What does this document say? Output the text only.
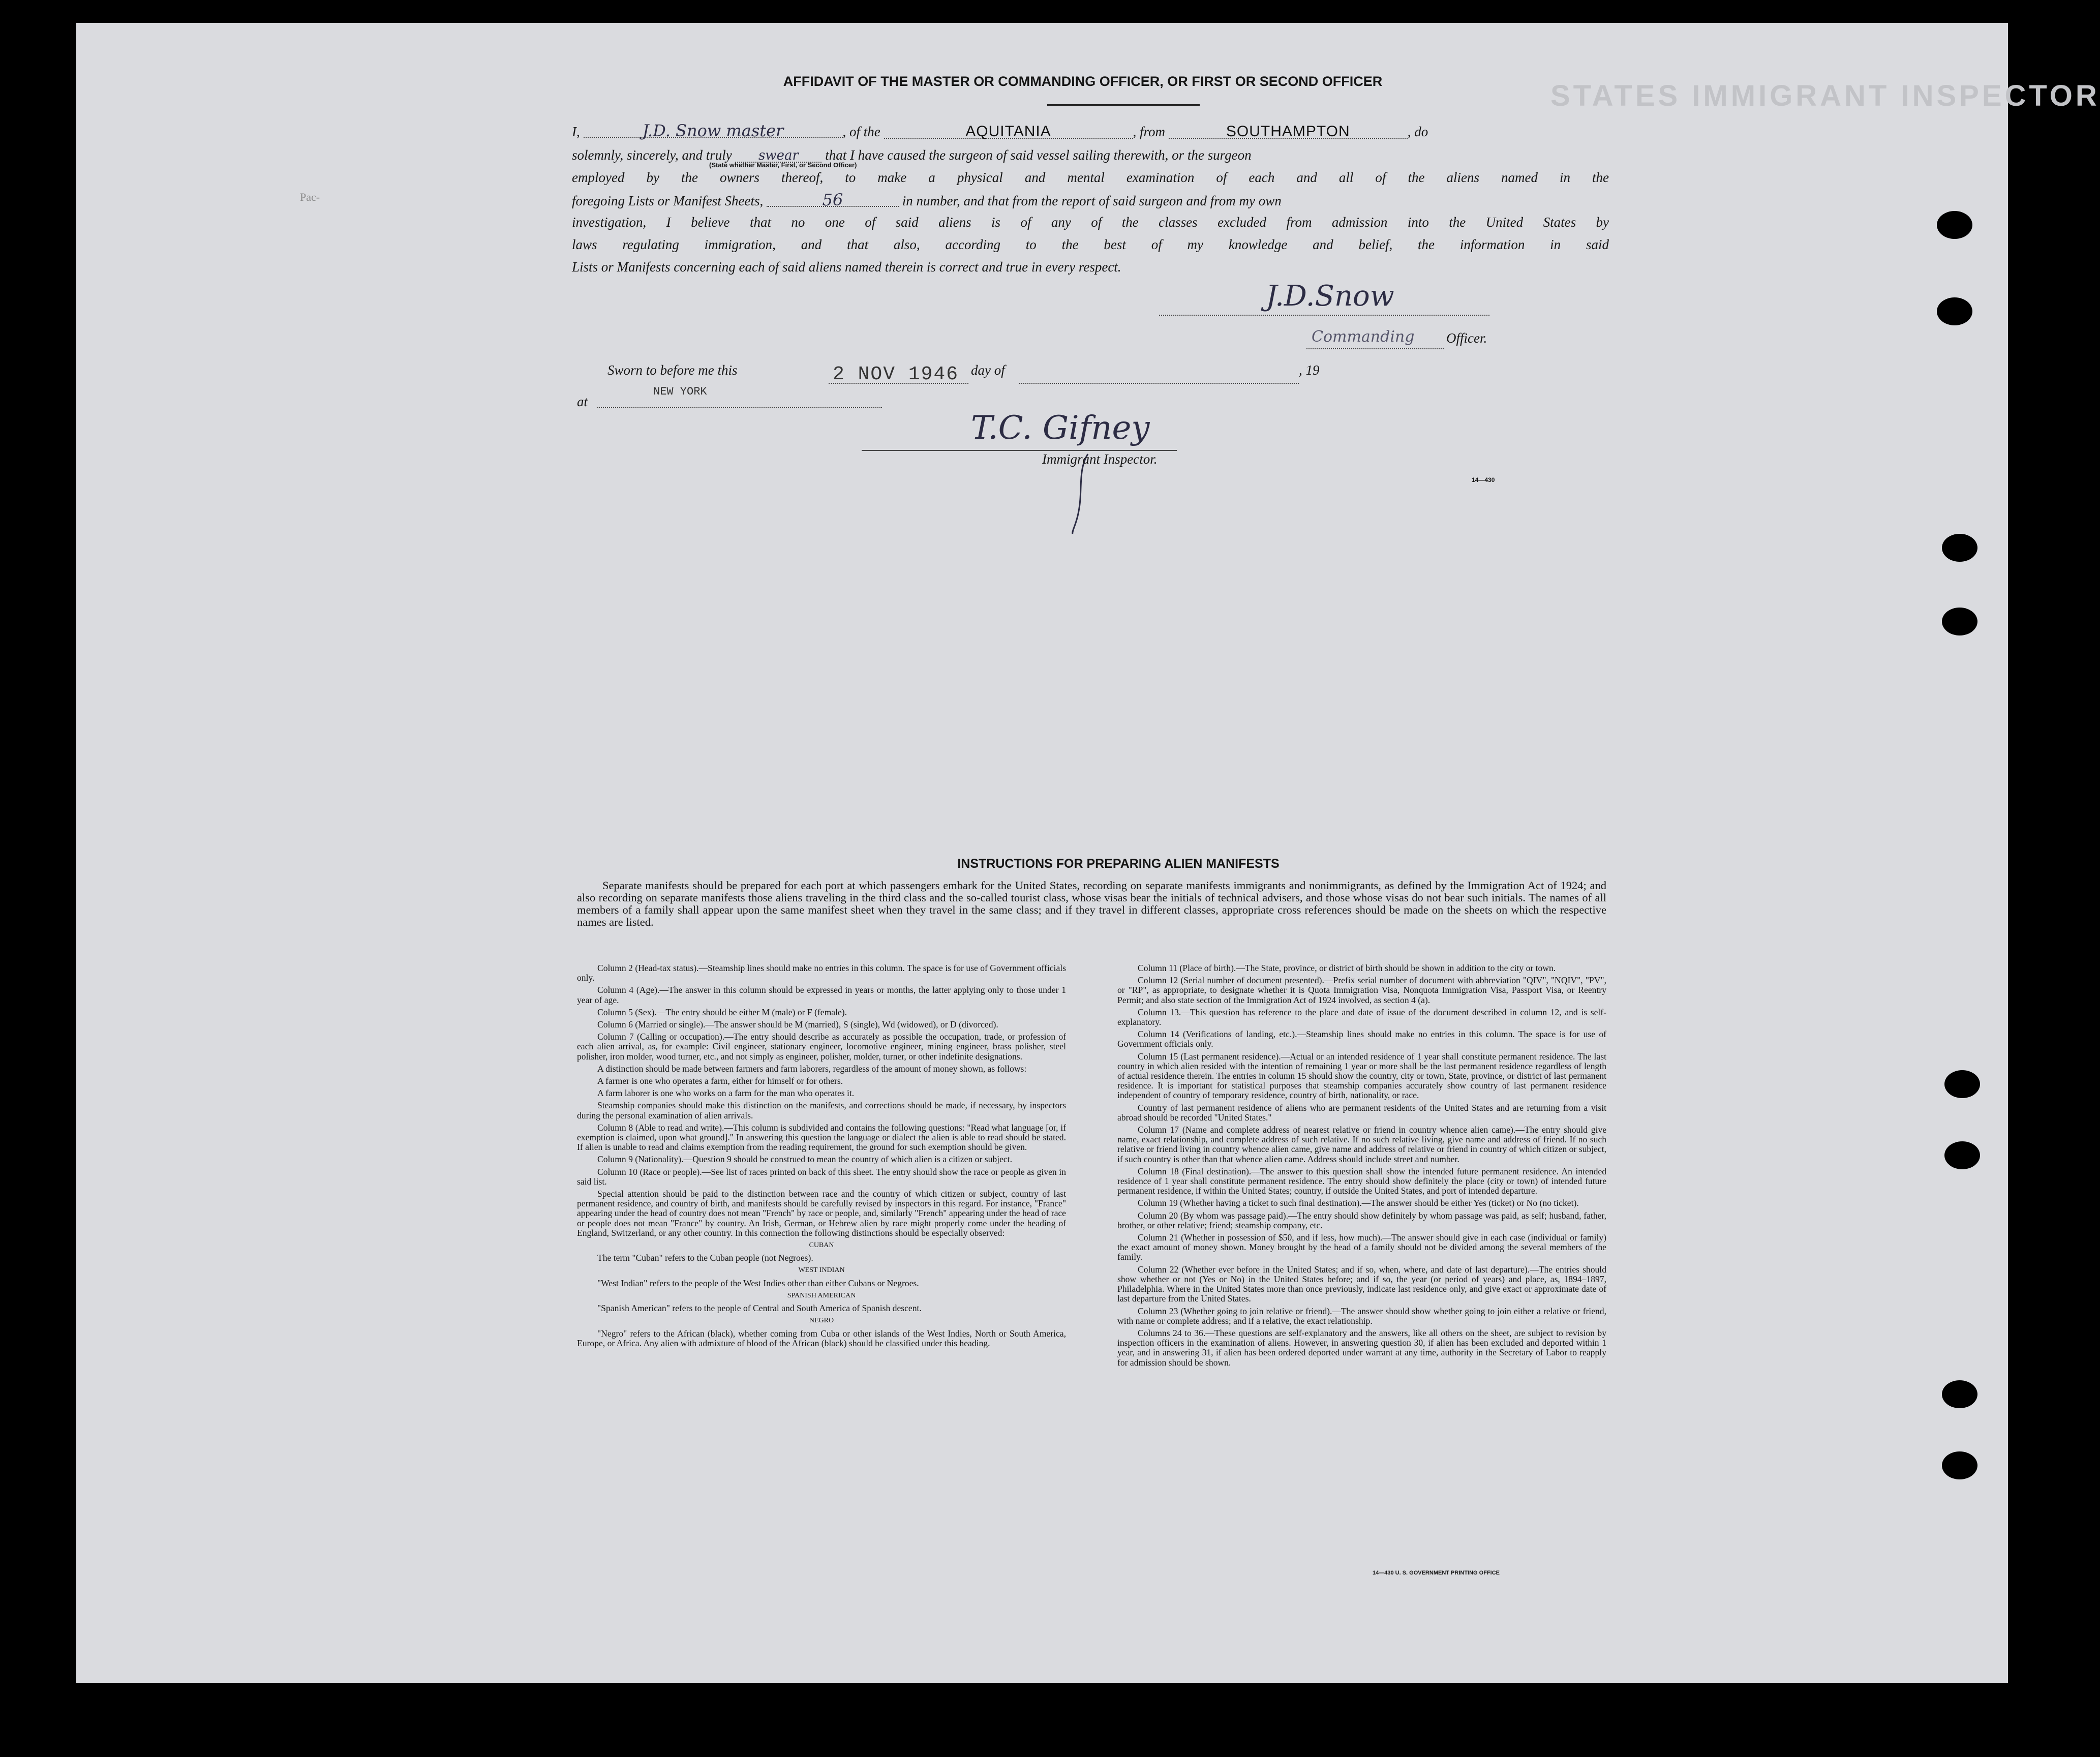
STATES IMMIGRANT INSPECTOR
Pac-
AFFIDAVIT OF THE MASTER OR COMMANDING OFFICER, OR FIRST OR SECOND OFFICER
I,	J.D. Snow master	, of the	AQUITANIA	, from	SOUTHAMPTON	, do
(State whether Master, First, or Second Officer)
solemnly, sincerely, and truly swear that I have caused the surgeon of said vessel sailing therewith, or the surgeon
employed by the owners thereof, to make a physical and mental examination of each and all of the aliens named in the
foregoing Lists or Manifest Sheets,	56	in number, and that from the report of said surgeon and from my own
investigation, I believe that no one of said aliens is of any of the classes excluded from admission into the United States by
laws regulating immigration, and that also, according to the best of my knowledge and belief, the information in said
Lists or Manifests concerning each of said aliens named therein is correct and true in every respect.
J.D.Snow
Commanding Officer.
Sworn to before me this	2 NOV 1946 day of	, 19
at
NEW YORK
T.C. Gifney
Immigrant Inspector.
14—430
INSTRUCTIONS FOR PREPARING ALIEN MANIFESTS
Separate manifests should be prepared for each port at which passengers embark for the United States, recording on separate manifests immigrants and nonimmigrants, as defined by the Immigration Act of 1924; and also recording on separate manifests those aliens traveling in the third class and the so-called tourist class, whose visas bear the initials of technical advisers, and those whose visas do not bear such initials. The names of all members of a family shall appear upon the same manifest sheet when they travel in the same class; and if they travel in different classes, appropriate cross references should be made on the sheets on which the respective names are listed.

Column 2 (Head-tax status).—Steamship lines should make no entries in this column. The space is for use of Government officials only.

Column 4 (Age).—The answer in this column should be expressed in years or months, the latter applying only to those under 1 year of age.

Column 5 (Sex).—The entry should be either M (male) or F (female).

Column 6 (Married or single).—The answer should be M (married), S (single), Wd (widowed), or D (divorced).

Column 7 (Calling or occupation).—The entry should describe as accurately as possible the occupation, trade, or profession of each alien arrival, as, for example: Civil engineer, stationary engineer, locomotive engineer, mining engineer, brass polisher, steel polisher, iron molder, wood turner, etc., and not simply as engineer, polisher, molder, turner, or other indefinite designations.

A distinction should be made between farmers and farm laborers, regardless of the amount of money shown, as follows:

A farmer is one who operates a farm, either for himself or for others.

A farm laborer is one who works on a farm for the man who operates it.

Steamship companies should make this distinction on the manifests, and corrections should be made, if necessary, by inspectors during the personal examination of alien arrivals.

Column 8 (Able to read and write).—This column is subdivided and contains the following questions: "Read what language [or, if exemption is claimed, upon what ground]." In answering this question the language or dialect the alien is able to read should be stated. If alien is unable to read and claims exemption from the reading requirement, the ground for such exemption should be given.

Column 9 (Nationality).—Question 9 should be construed to mean the country of which alien is a citizen or subject.

Column 10 (Race or people).—See list of races printed on back of this sheet. The entry should show the race or people as given in said list.

Special attention should be paid to the distinction between race and the country of which citizen or subject, country of last permanent residence, and country of birth, and manifests should be carefully revised by inspectors in this regard. For instance, "France" appearing under the head of country does not mean "French" by race or people, and, similarly "French" appearing under the head of race or people does not mean "France" by country. An Irish, German, or Hebrew alien by race might properly come under the heading of England, Switzerland, or any other country. In this connection the following distinctions should be especially observed:

CUBAN

The term "Cuban" refers to the Cuban people (not Negroes).

WEST INDIAN

"West Indian" refers to the people of the West Indies other than either Cubans or Negroes.

SPANISH AMERICAN

"Spanish American" refers to the people of Central and South America of Spanish descent.

NEGRO

"Negro" refers to the African (black), whether coming from Cuba or other islands of the West Indies, North or South America, Europe, or Africa. Any alien with admixture of blood of the African (black) should be classified under this heading.

Column 11 (Place of birth).—The State, province, or district of birth should be shown in addition to the city or town.

Column 12 (Serial number of document presented).—Prefix serial number of document with abbreviation "QIV", "NQIV", "PV", or "RP", as appropriate, to designate whether it is Quota Immigration Visa, Nonquota Immigration Visa, Passport Visa, or Reentry Permit; and also state section of the Immigration Act of 1924 involved, as section 4 (a).

Column 13.—This question has reference to the place and date of issue of the document described in column 12, and is self-explanatory.

Column 14 (Verifications of landing, etc.).—Steamship lines should make no entries in this column. The space is for use of Government officials only.

Column 15 (Last permanent residence).—Actual or an intended residence of 1 year shall constitute permanent residence. The last country in which alien resided with the intention of remaining 1 year or more shall be the last permanent residence regardless of length of actual residence therein. The entries in column 15 should show the country, city or town, State, province, or district of last permanent residence. It is important for statistical purposes that steamship companies accurately show country of last permanent residence independent of country of temporary residence, country of birth, nationality, or race.

Country of last permanent residence of aliens who are permanent residents of the United States and are returning from a visit abroad should be recorded "United States."

Column 17 (Name and complete address of nearest relative or friend in country whence alien came).—The entry should give name, exact relationship, and complete address of such relative. If no such relative living, give name and address of friend. If no such relative or friend living in country whence alien came, give name and address of relative or friend in country of which citizen or subject, if such country is other than that whence alien came. Address should include street and number.

Column 18 (Final destination).—The answer to this question shall show the intended future permanent residence. An intended residence of 1 year shall constitute permanent residence. The entry should show definitely the place (city or town) of intended future permanent residence, if within the United States; country, if outside the United States, and port of intended departure.

Column 19 (Whether having a ticket to such final destination).—The answer should be either Yes (ticket) or No (no ticket).

Column 20 (By whom was passage paid).—The entry should show definitely by whom passage was paid, as self; husband, father, brother, or other relative; friend; steamship company, etc.

Column 21 (Whether in possession of $50, and if less, how much).—The answer should give in each case (individual or family) the exact amount of money shown. Money brought by the head of a family should not be divided among the several members of the family.

Column 22 (Whether ever before in the United States; and if so, when, where, and date of last departure).—The entries should show whether or not (Yes or No) in the United States before; and if so, the year (or period of years) and place, as, 1894–1897, Philadelphia. Where in the United States more than once previously, indicate last residence only, and give exact or approximate date of last departure from the United States.

Column 23 (Whether going to join relative or friend).—The answer should show whether going to join either a relative or friend, with name or complete address; and if a relative, the exact relationship.

Columns 24 to 36.—These questions are self-explanatory and the answers, like all others on the sheet, are subject to revision by inspection officers in the examination of aliens. However, in answering question 30, if alien has been excluded and deported within 1 year, and in answering 31, if alien has been ordered deported under warrant at any time, authority in the Secretary of Labor to reapply for admission should be shown.

14—430 U. S. GOVERNMENT PRINTING OFFICE
